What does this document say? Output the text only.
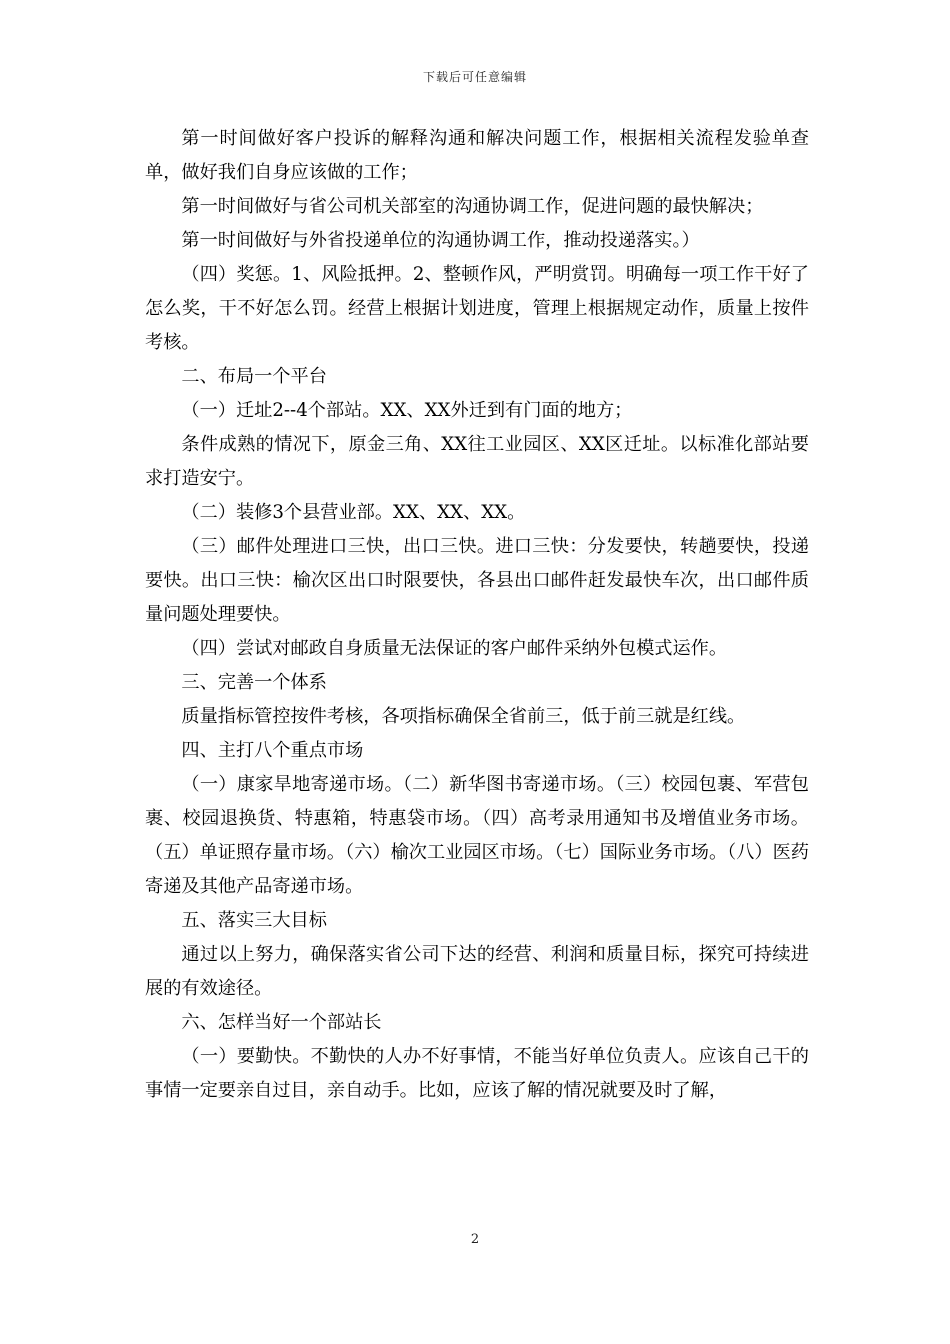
下载后可任意编辑

第一时间做好客户投诉的解释沟通和解决问题工作，根据相关流程发验单查单，做好我们自身应该做的工作；

第一时间做好与省公司机关部室的沟通协调工作，促进问题的最快解决；

第一时间做好与外省投递单位的沟通协调工作，推动投递落实。）

（四）奖惩。1、风险抵押。2、整顿作风，严明赏罚。明确每一项工作干好了怎么奖，干不好怎么罚。经营上根据计划进度，管理上根据规定动作，质量上按件考核。

二、布局一个平台

（一）迁址2--4个部站。XX、XX外迁到有门面的地方；

条件成熟的情况下，原金三角、XX往工业园区、XX区迁址。以标准化部站要求打造安宁。

（二）装修3个县营业部。XX、XX、XX。

（三）邮件处理进口三快，出口三快。进口三快：分发要快，转趟要快，投递要快。出口三快：榆次区出口时限要快，各县出口邮件赶发最快车次，出口邮件质量问题处理要快。

（四）尝试对邮政自身质量无法保证的客户邮件采纳外包模式运作。

三、完善一个体系

质量指标管控按件考核，各项指标确保全省前三，低于前三就是红线。

四、主打八个重点市场

（一）康家旱地寄递市场。（二）新华图书寄递市场。（三）校园包裹、军营包裹、校园退换货、特惠箱，特惠袋市场。（四）高考录用通知书及增值业务市场。（五）单证照存量市场。（六）榆次工业园区市场。（七）国际业务市场。（八）医药寄递及其他产品寄递市场。

五、落实三大目标

通过以上努力，确保落实省公司下达的经营、利润和质量目标，探究可持续进展的有效途径。

六、怎样当好一个部站长

（一）要勤快。不勤快的人办不好事情，不能当好单位负责人。应该自己干的事情一定要亲自过目，亲自动手。比如，应该了解的情况就要及时了解，

2
